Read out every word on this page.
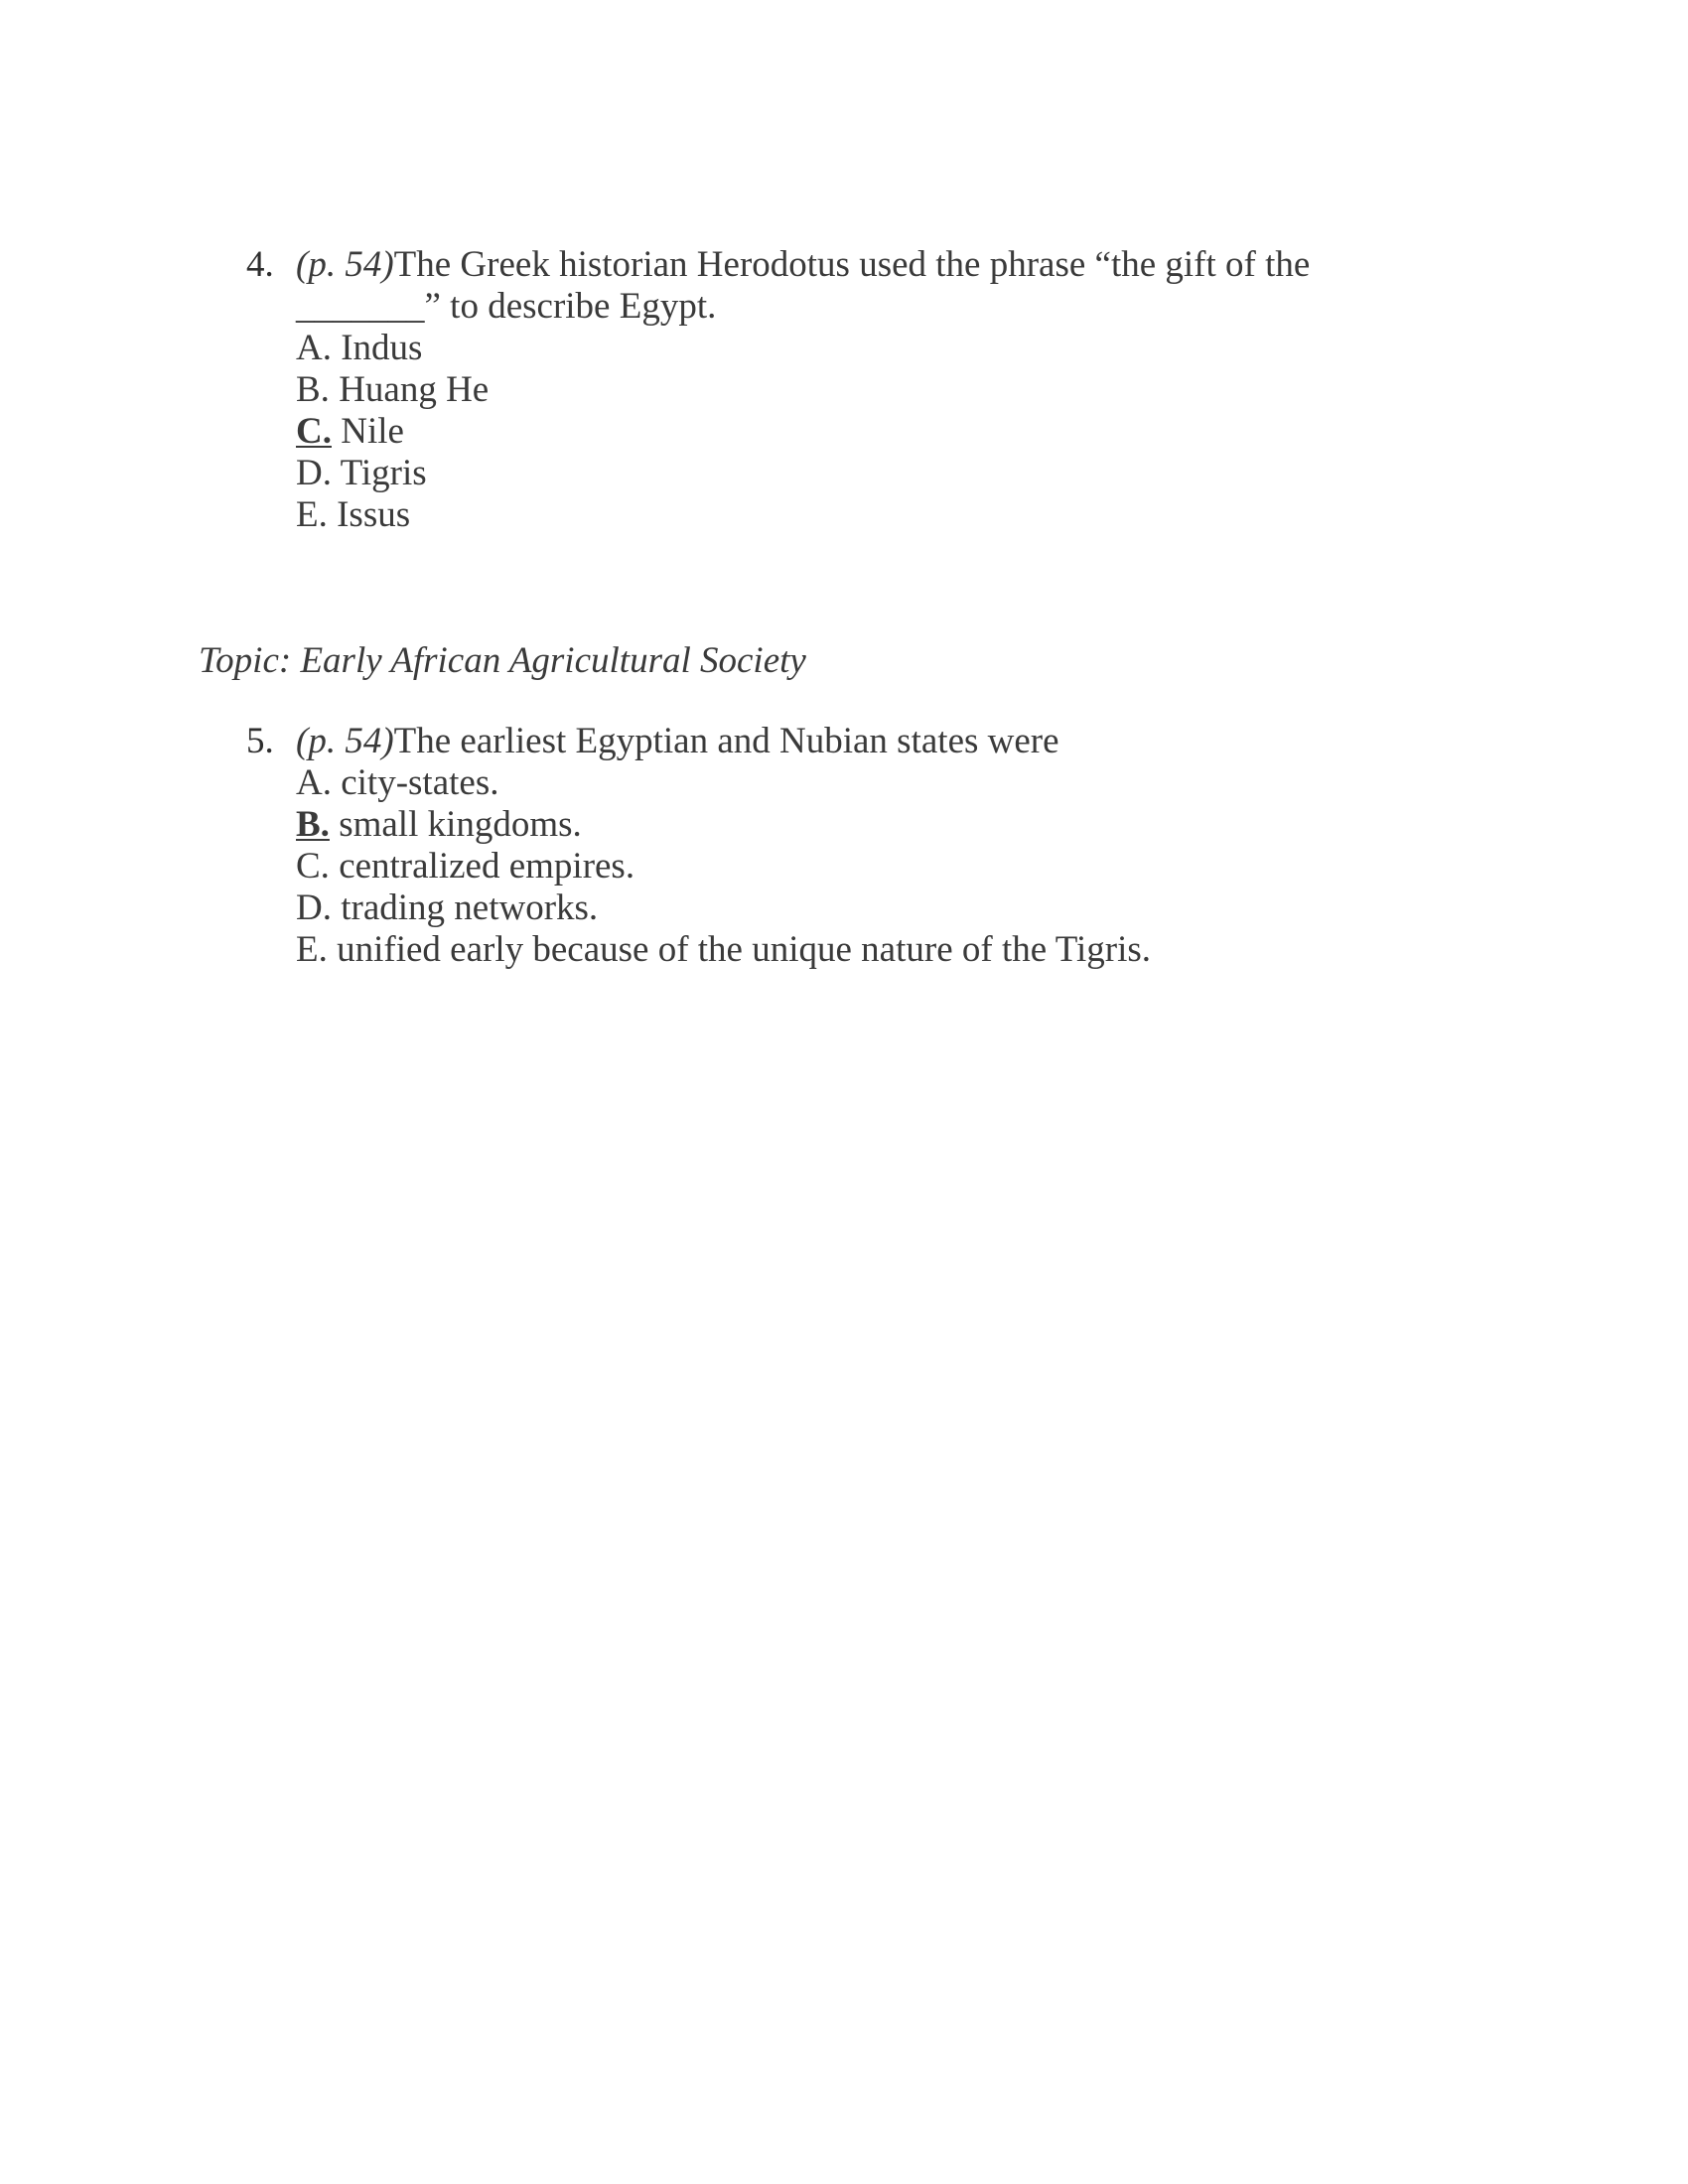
4. (p. 54)The Greek historian Herodotus used the phrase “the gift of the
_______” to describe Egypt.
A. Indus
B. Huang He
C. Nile
D. Tigris
E. Issus
Topic: Early African Agricultural Society
5. (p. 54)The earliest Egyptian and Nubian states were
A. city-states.
B. small kingdoms.
C. centralized empires.
D. trading networks.
E. unified early because of the unique nature of the Tigris.
